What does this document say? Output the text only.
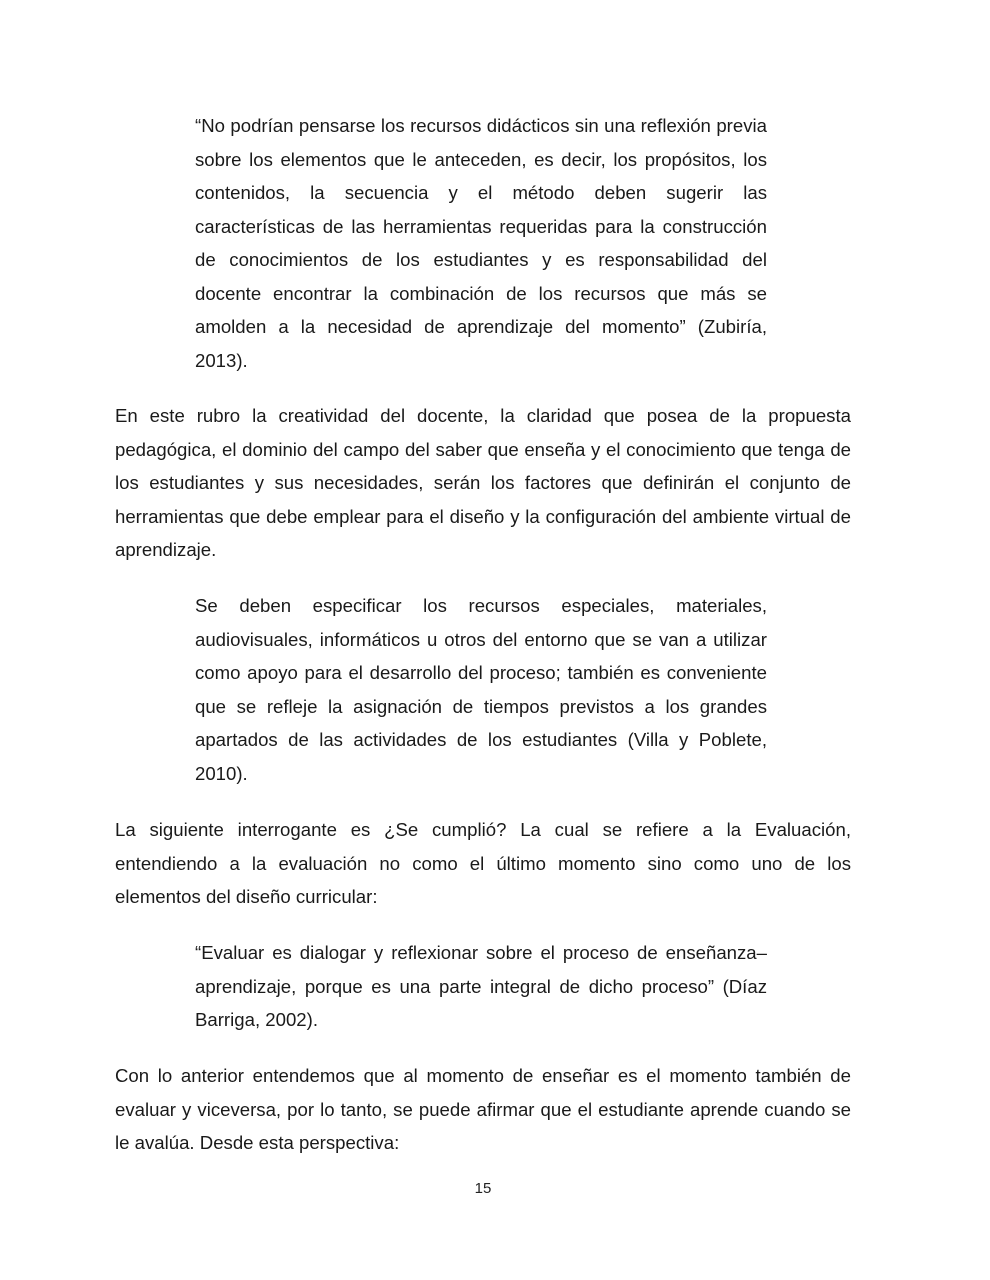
“No podrían pensarse los recursos didácticos sin una reflexión previa sobre los elementos que le anteceden, es decir, los propósitos, los contenidos, la secuencia y el método deben sugerir las características de las herramientas requeridas para la construcción de conocimientos de los estudiantes y es responsabilidad del docente encontrar la combinación de los recursos que más se amolden a la necesidad de aprendizaje del momento” (Zubiría, 2013).

En este rubro la creatividad del docente, la claridad que posea de la propuesta pedagógica, el dominio del campo del saber que enseña y el conocimiento que tenga de los estudiantes y sus necesidades, serán los factores que definirán el conjunto de herramientas que debe emplear para el diseño y la configuración del ambiente virtual de aprendizaje.

Se deben especificar los recursos especiales, materiales, audiovisuales, informáticos u otros del entorno que se van a utilizar como apoyo para el desarrollo del proceso; también es conveniente que se refleje la asignación de tiempos previstos a los grandes apartados de las actividades de los estudiantes (Villa y Poblete, 2010).

La siguiente interrogante es ¿Se cumplió? La cual se refiere a la Evaluación, entendiendo a la evaluación no como el último momento sino como uno de los elementos del diseño curricular:

“Evaluar es dialogar y reflexionar sobre el proceso de enseñanza–aprendizaje, porque es una parte integral de dicho proceso” (Díaz Barriga, 2002).

Con lo anterior entendemos que al momento de enseñar es el momento también de evaluar y viceversa, por lo tanto, se puede afirmar que el estudiante aprende cuando se le avalúa. Desde esta perspectiva:

15
